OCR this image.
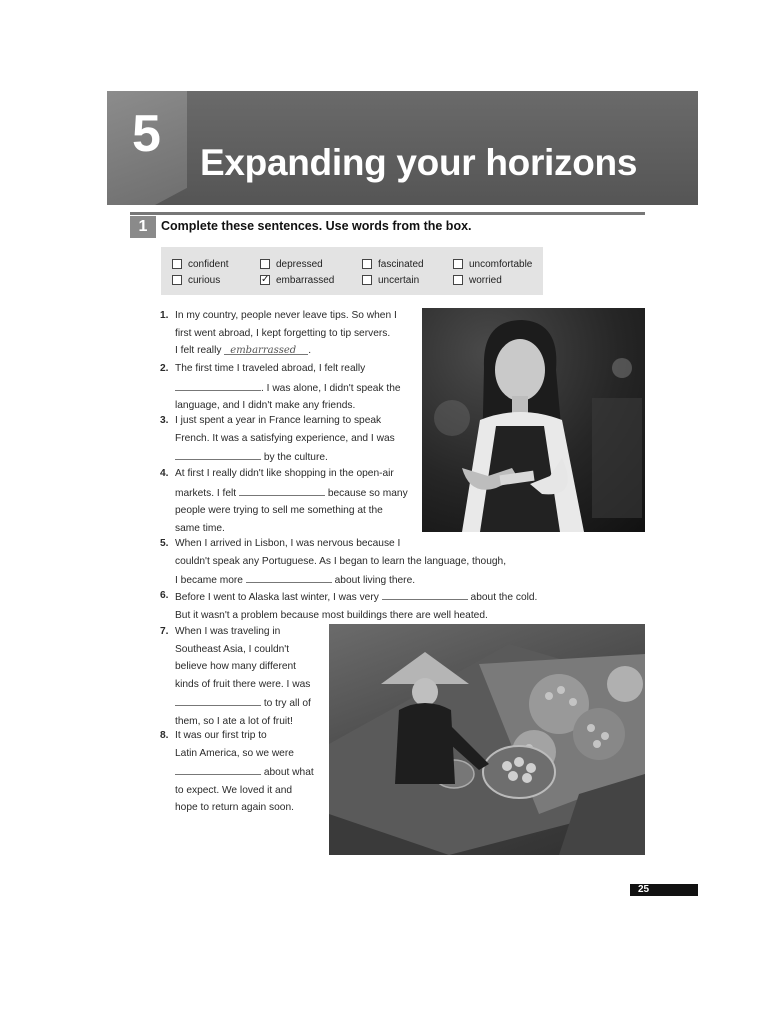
5 Expanding your horizons
1	Complete these sentences. Use words from the box.
confident	depressed	fascinated	uncomfortable
curious	✓ embarrassed	uncertain	worried
1. In my country, people never leave tips. So when I
first went abroad, I kept forgetting to tip servers.
I felt really embarrassed .
2. The first time I traveled abroad, I felt really
. I was alone, I didn't speak the
language, and I didn't make any friends.
3. I just spent a year in France learning to speak
French. It was a satisfying experience, and I was
by the culture.
4. At first I really didn't like shopping in the open-air
markets. I felt	because so many
people were trying to sell me something at the
same time.
5. When I arrived in Lisbon, I was nervous because I
couldn't speak any Portuguese. As I began to learn the language, though,
I became more	about living there.
6. Before I went to Alaska last winter, I was very	about the cold.
But it wasn't a problem because most buildings there are well heated.
7. When I was traveling in
Southeast Asia, I couldn't
believe how many different
kinds of fruit there were. I was
to try all of
them, so I ate a lot of fruit!
8. It was our first trip to
Latin America, so we were
about what
to expect. We loved it and
hope to return again soon.
25
